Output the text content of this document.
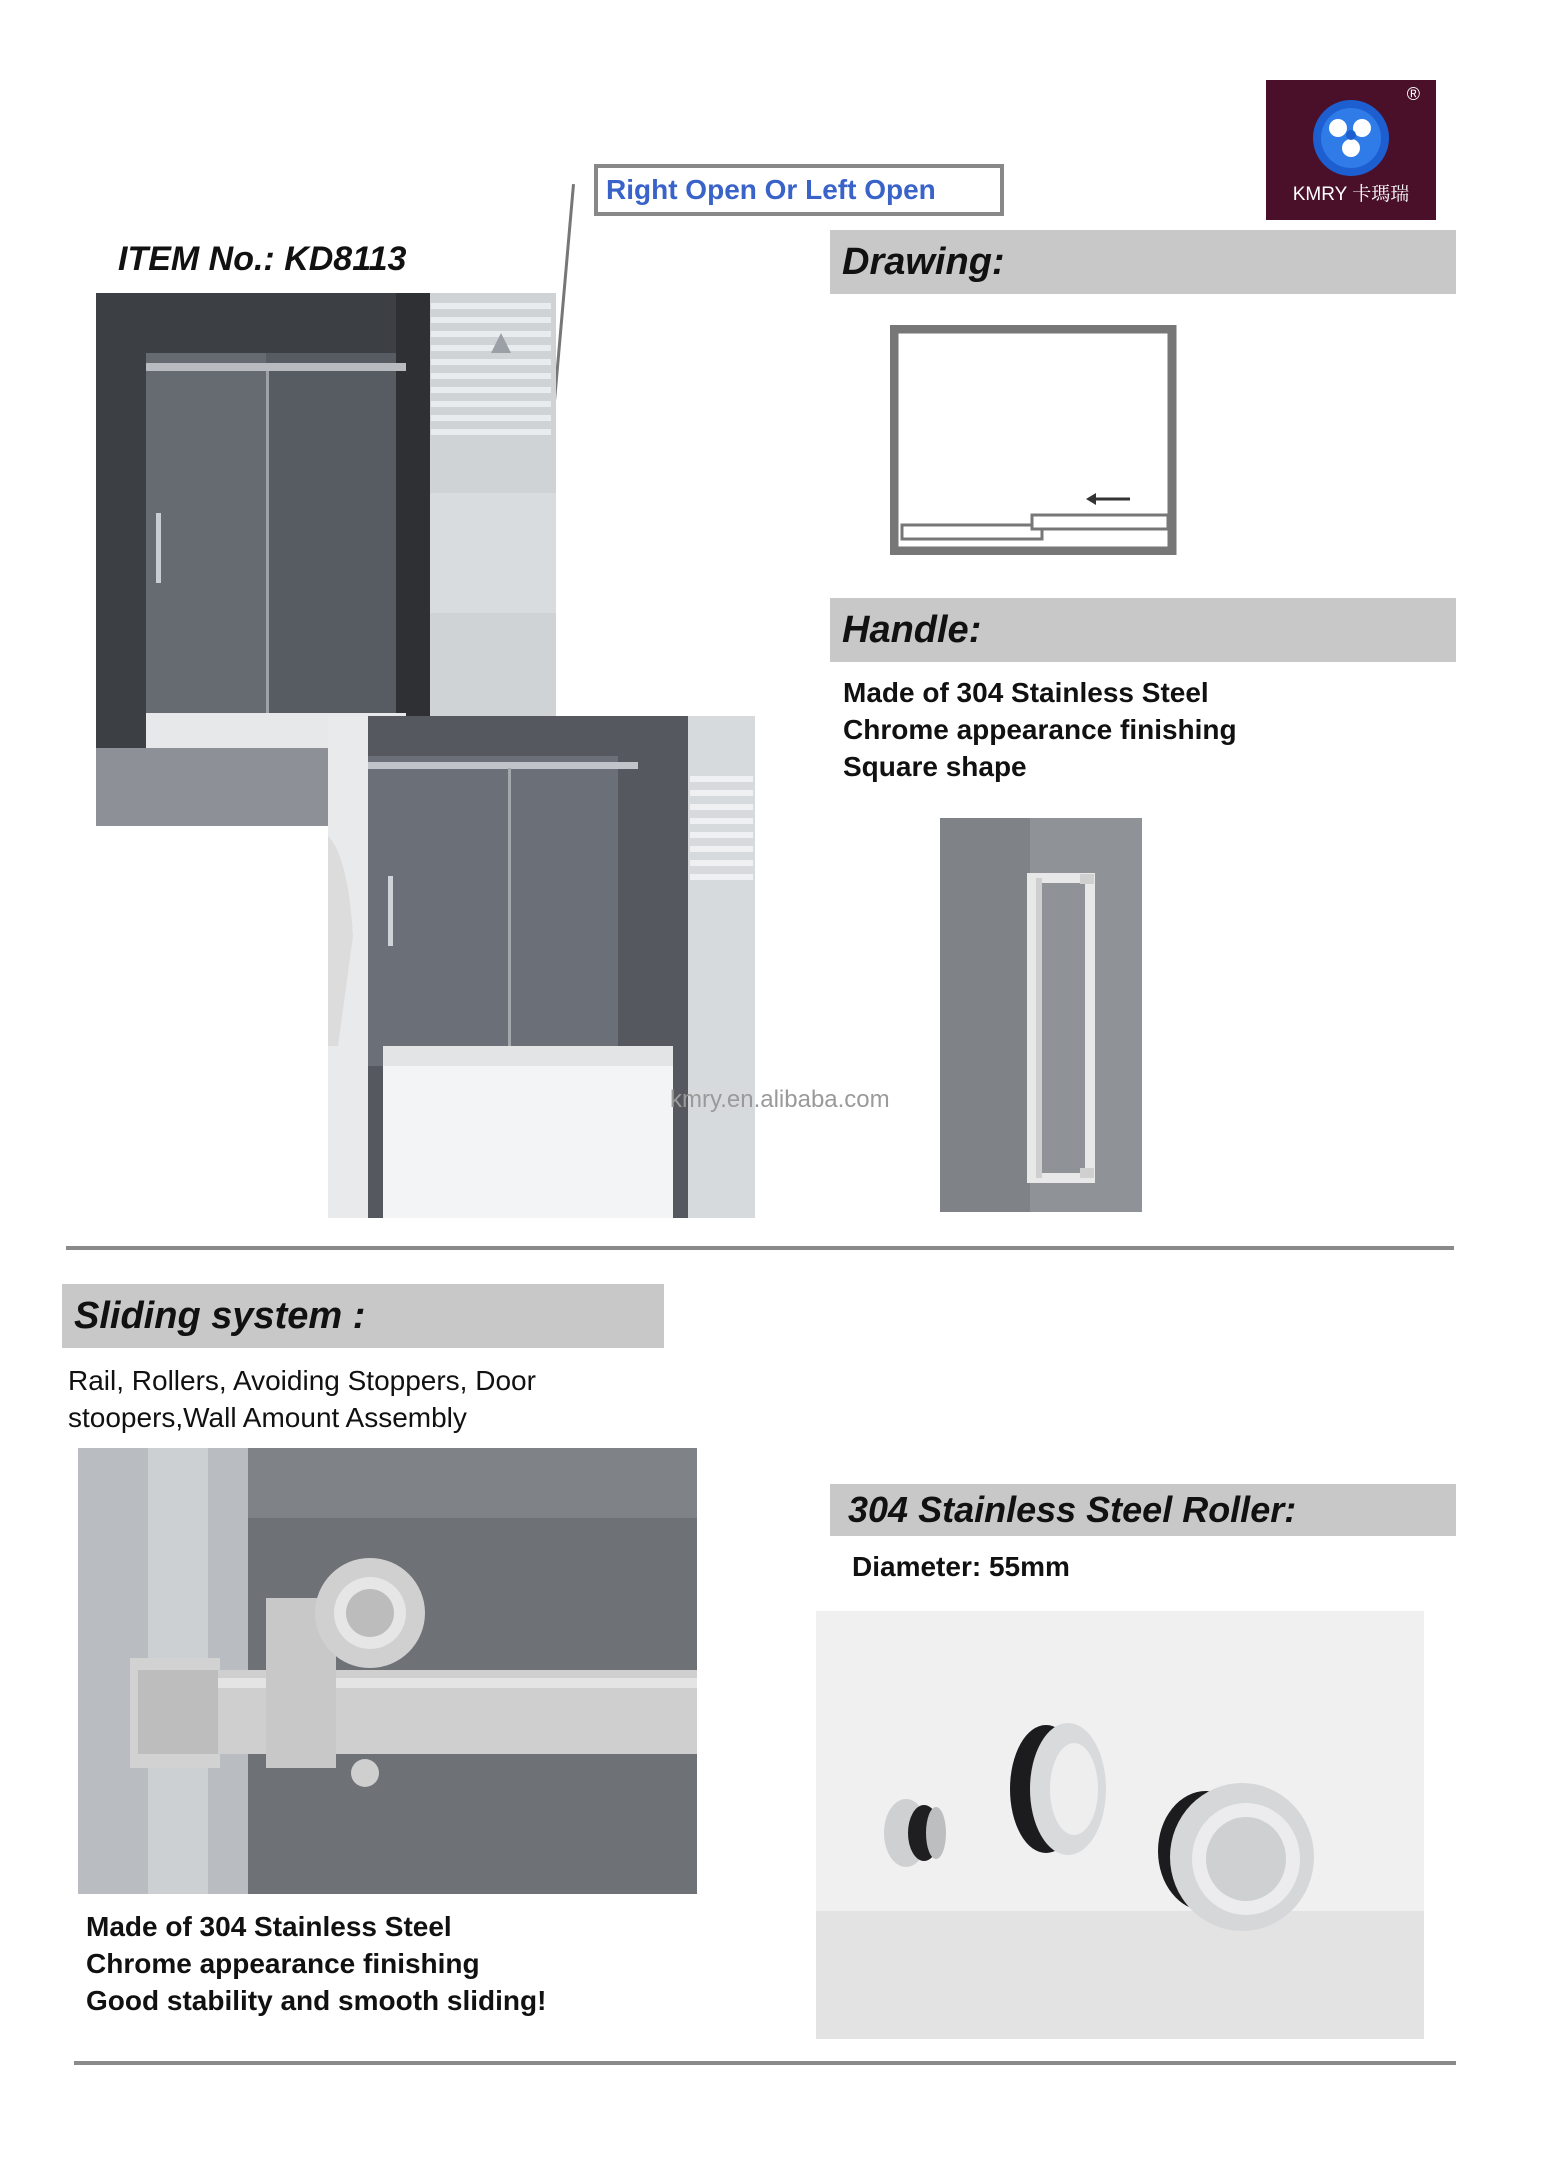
®
KMRY 卡瑪瑞
Right Open Or Left Open
ITEM No.: KD8113
kmry.en.alibaba.com
Drawing:
Handle:
Made of 304 Stainless Steel
Chrome appearance finishing
Square shape
Sliding system :
Rail, Rollers, Avoiding Stoppers, Door
stoopers,Wall Amount Assembly
Made of 304 Stainless Steel
Chrome appearance finishing
Good stability and smooth sliding!
304 Stainless Steel Roller:
Diameter: 55mm
